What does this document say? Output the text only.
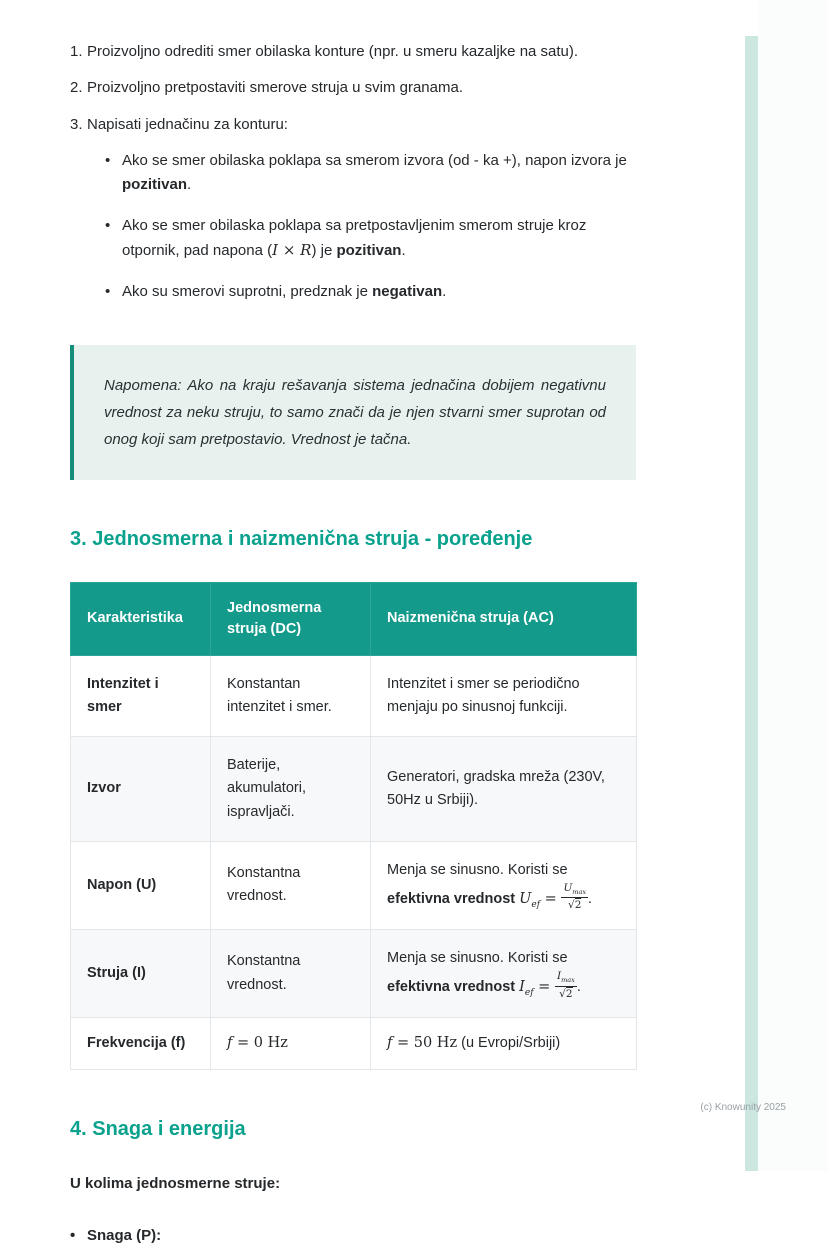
1. Proizvoljno odrediti smer obilaska konture (npr. u smeru kazaljke na satu).
2. Proizvoljno pretpostaviti smerove struja u svim granama.
3. Napisati jednačinu za konturu:
• Ako se smer obilaska poklapa sa smerom izvora (od - ka +), napon izvora je pozitivan.
• Ako se smer obilaska poklapa sa pretpostavljenim smerom struje kroz otpornik, pad napona (I × R) je pozitivan.
• Ako su smerovi suprotni, predznak je negativan.
Napomena: Ako na kraju rešavanja sistema jednačina dobijem negativnu vrednost za neku struju, to samo znači da je njen stvarni smer suprotan od onog koji sam pretpostavio. Vrednost je tačna.
3. Jednosmerna i naizmenična struja - poređenje
Karakteristika	Jednosmerna struja (DC)	Naizmenična struja (AC)
Intenzitet i smer	Konstantan intenzitet i smer.	Intenzitet i smer se periodično menjaju po sinusnoj funkciji.
Izvor	Baterije, akumulatori, ispravljači.	Generatori, gradska mreža (230V, 50Hz u Srbiji).
Napon (U)	Konstantna vrednost.	Menja se sinusno. Koristi se efektivna vrednost $U_{ef} = \frac{U_{max}}{√2}$ .
Struja (I)	Konstantna vrednost.	Menja se sinusno. Koristi se efektivna vrednost $I_{ef} = \frac{I_{max}}{√2}$ .
Frekvencija (f)	f = 0 Hz	f = 50 Hz (u Evropi/Srbiji)
4. Snaga i energija
U kolima jednosmerne struje:
• Snaga (P):
(c) Knowunity 2025
